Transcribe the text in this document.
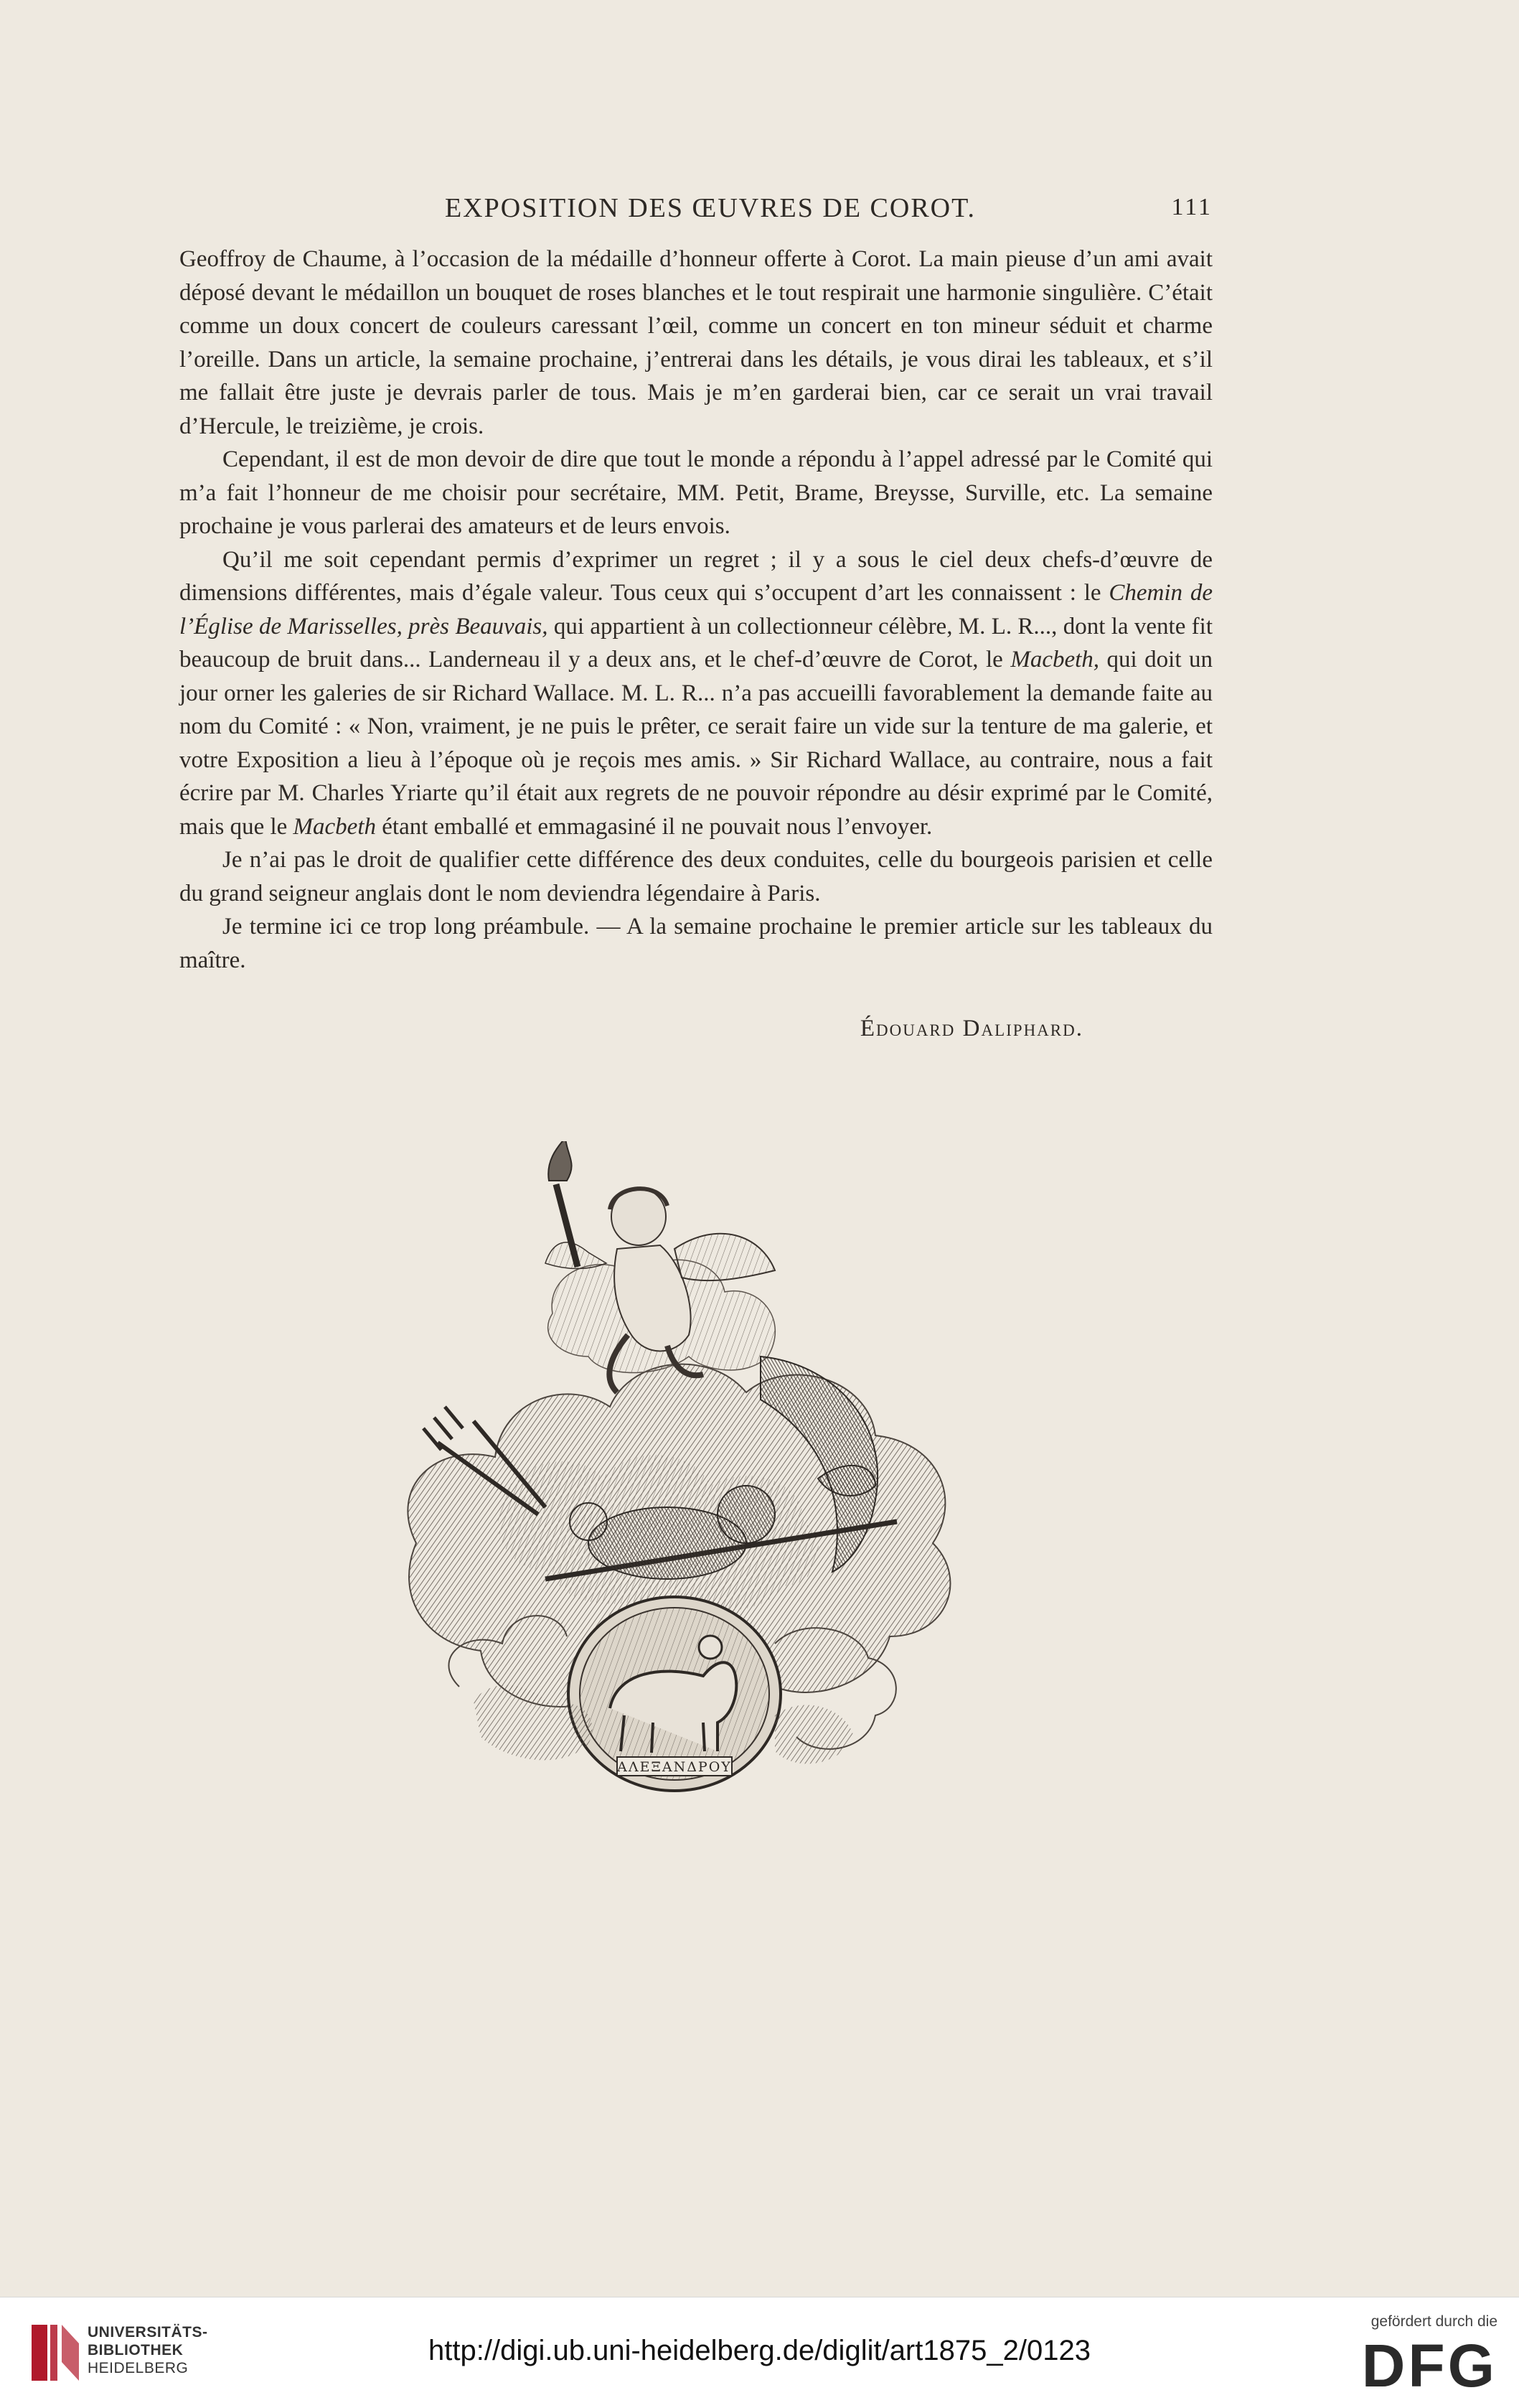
EXPOSITION DES ŒUVRES DE COROT.	111

Geoffroy de Chaume, à l’occasion de la médaille d’honneur offerte à Corot. La main pieuse d’un ami avait déposé devant le médaillon un bouquet de roses blanches et le tout respirait une harmonie singulière. C’était comme un doux concert de couleurs caressant l’œil, comme un concert en ton mineur séduit et charme l’oreille. Dans un article, la semaine prochaine, j’entrerai dans les détails, je vous dirai les tableaux, et s’il me fallait être juste je devrais parler de tous. Mais je m’en garderai bien, car ce serait un vrai travail d’Hercule, le treizième, je crois.

Cependant, il est de mon devoir de dire que tout le monde a répondu à l’appel adressé par le Comité qui m’a fait l’honneur de me choisir pour secrétaire, MM. Petit, Brame, Breysse, Surville, etc. La semaine prochaine je vous parlerai des amateurs et de leurs envois.

Qu’il me soit cependant permis d’exprimer un regret ; il y a sous le ciel deux chefs-d’œuvre de dimensions différentes, mais d’égale valeur. Tous ceux qui s’occupent d’art les connaissent : le Chemin de l’Église de Marisselles, près Beauvais, qui appartient à un collectionneur célèbre, M. L. R..., dont la vente fit beaucoup de bruit dans... Landerneau il y a deux ans, et le chef-d’œuvre de Corot, le Macbeth, qui doit un jour orner les galeries de sir Richard Wallace. M. L. R... n’a pas accueilli favorablement la demande faite au nom du Comité : « Non, vraiment, je ne puis le prêter, ce serait faire un vide sur la tenture de ma galerie, et votre Exposition a lieu à l’époque où je reçois mes amis. » Sir Richard Wallace, au contraire, nous a fait écrire par M. Charles Yriarte qu’il était aux regrets de ne pouvoir répondre au désir exprimé par le Comité, mais que le Macbeth étant emballé et emmagasiné il ne pouvait nous l’envoyer.

Je n’ai pas le droit de qualifier cette différence des deux conduites, celle du bourgeois parisien et celle du grand seigneur anglais dont le nom deviendra légendaire à Paris.

Je termine ici ce trop long préambule. — A la semaine prochaine le premier article sur les tableaux du maître.

Édouard Daliphard.
ΑΛΕΞΑΝΔΡΟΥ
UNIVERSITÄTS-
BIBLIOTHEK
HEIDELBERG
http://digi.ub.uni-heidelberg.de/diglit/art1875_2/0123
gefördert durch die
DFG
